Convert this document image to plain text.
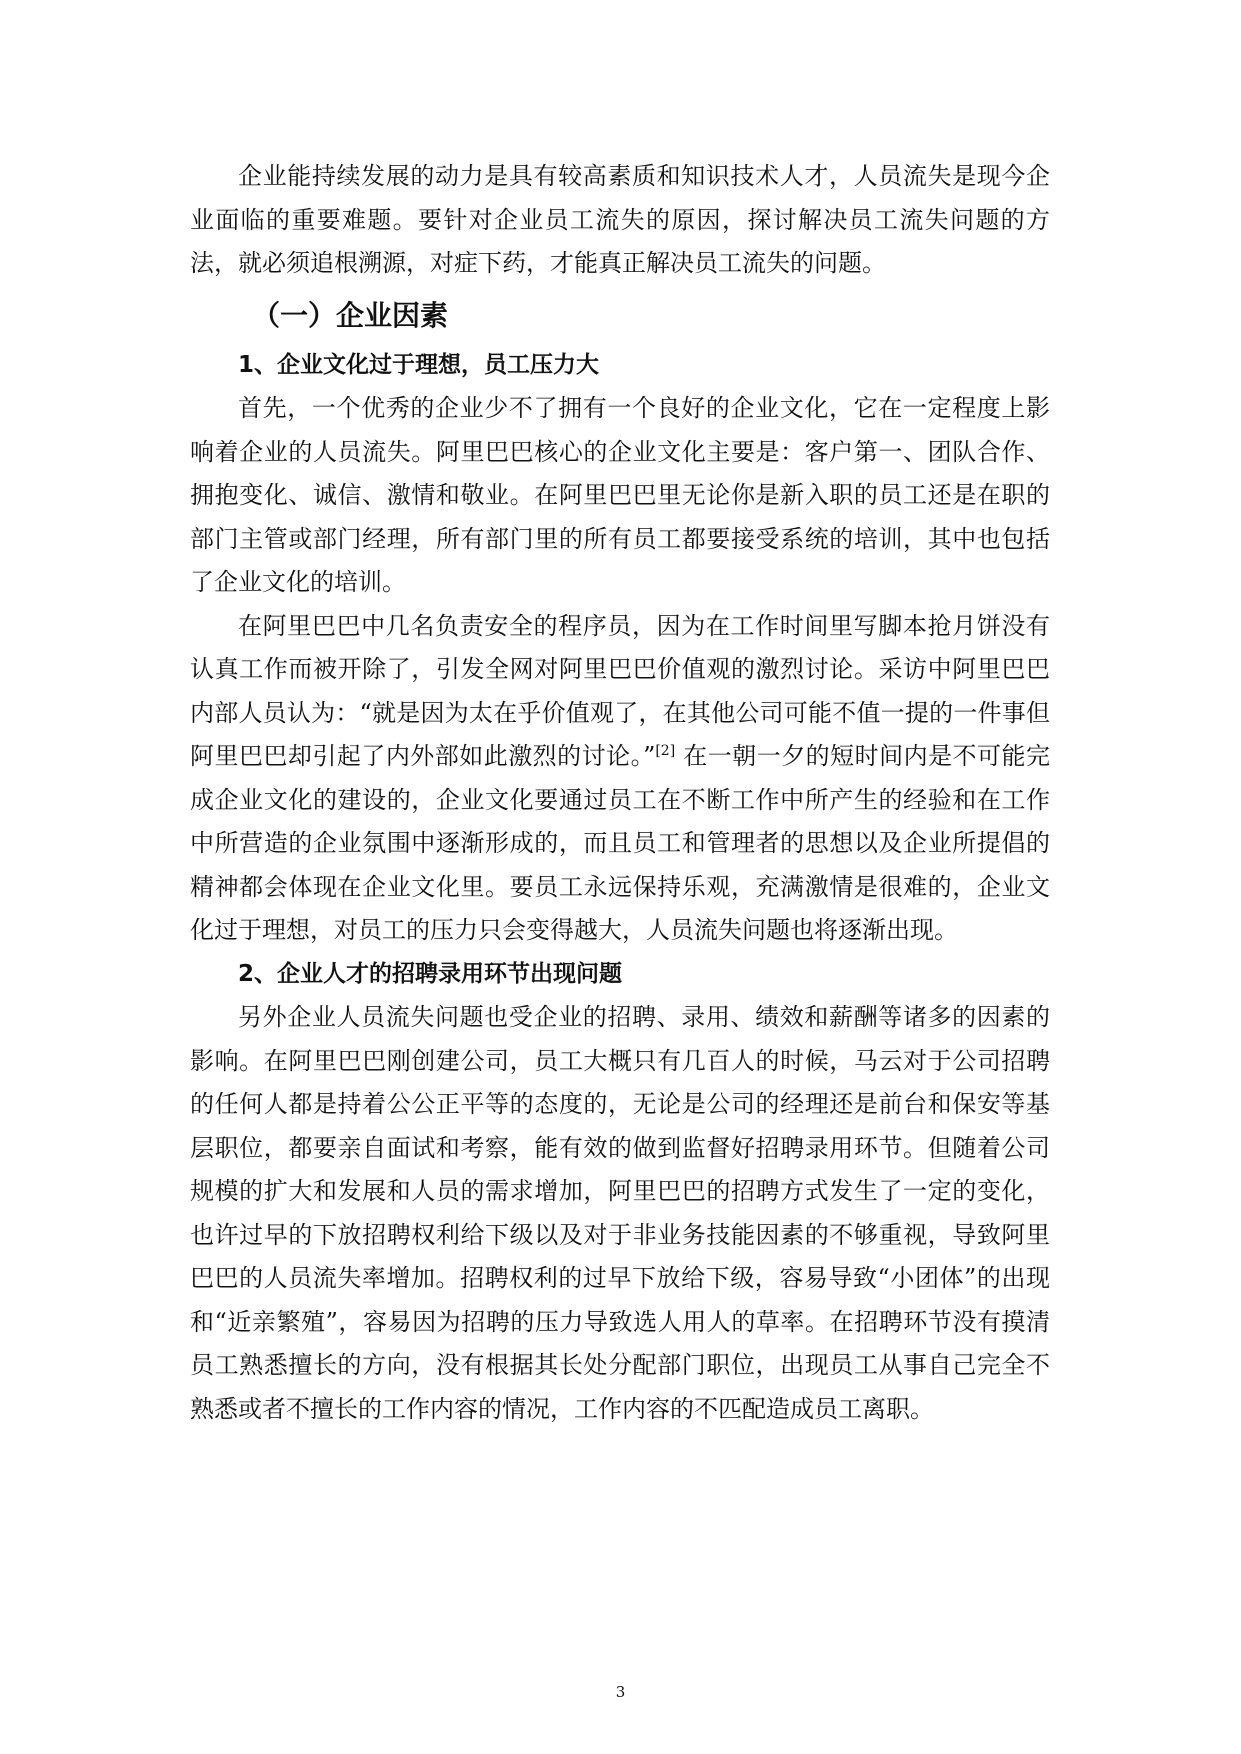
企业能持续发展的动力是具有较高素质和知识技术人才，人员流失是现今企业面临的重要难题。要针对企业员工流失的原因，探讨解决员工流失问题的方法，就必须追根溯源，对症下药，才能真正解决员工流失的问题。

（一）企业因素
1、企业文化过于理想，员工压力大

首先，一个优秀的企业少不了拥有一个良好的企业文化，它在一定程度上影响着企业的人员流失。阿里巴巴核心的企业文化主要是：客户第一、团队合作、拥抱变化、诚信、激情和敬业。在阿里巴巴里无论你是新入职的员工还是在职的部门主管或部门经理，所有部门里的所有员工都要接受系统的培训，其中也包括了企业文化的培训。

在阿里巴巴中几名负责安全的程序员，因为在工作时间里写脚本抢月饼没有认真工作而被开除了，引发全网对阿里巴巴价值观的激烈讨论。采访中阿里巴巴内部人员认为：“就是因为太在乎价值观了，在其他公司可能不值一提的一件事但阿里巴巴却引起了内外部如此激烈的讨论。”[2] 在一朝一夕的短时间内是不可能完成企业文化的建设的，企业文化要通过员工在不断工作中所产生的经验和在工作中所营造的企业氛围中逐渐形成的，而且员工和管理者的思想以及企业所提倡的精神都会体现在企业文化里。要员工永远保持乐观，充满激情是很难的，企业文化过于理想，对员工的压力只会变得越大，人员流失问题也将逐渐出现。

2、企业人才的招聘录用环节出现问题

另外企业人员流失问题也受企业的招聘、录用、绩效和薪酬等诸多的因素的影响。在阿里巴巴刚创建公司，员工大概只有几百人的时候，马云对于公司招聘的任何人都是持着公公正平等的态度的，无论是公司的经理还是前台和保安等基层职位，都要亲自面试和考察，能有效的做到监督好招聘录用环节。但随着公司规模的扩大和发展和人员的需求增加，阿里巴巴的招聘方式发生了一定的变化，也许过早的下放招聘权利给下级以及对于非业务技能因素的不够重视，导致阿里巴巴的人员流失率增加。招聘权利的过早下放给下级，容易导致“小团体”的出现和“近亲繁殖”，容易因为招聘的压力导致选人用人的草率。在招聘环节没有摸清员工熟悉擅长的方向，没有根据其长处分配部门职位，出现员工从事自己完全不熟悉或者不擅长的工作内容的情况，工作内容的不匹配造成员工离职。

3
